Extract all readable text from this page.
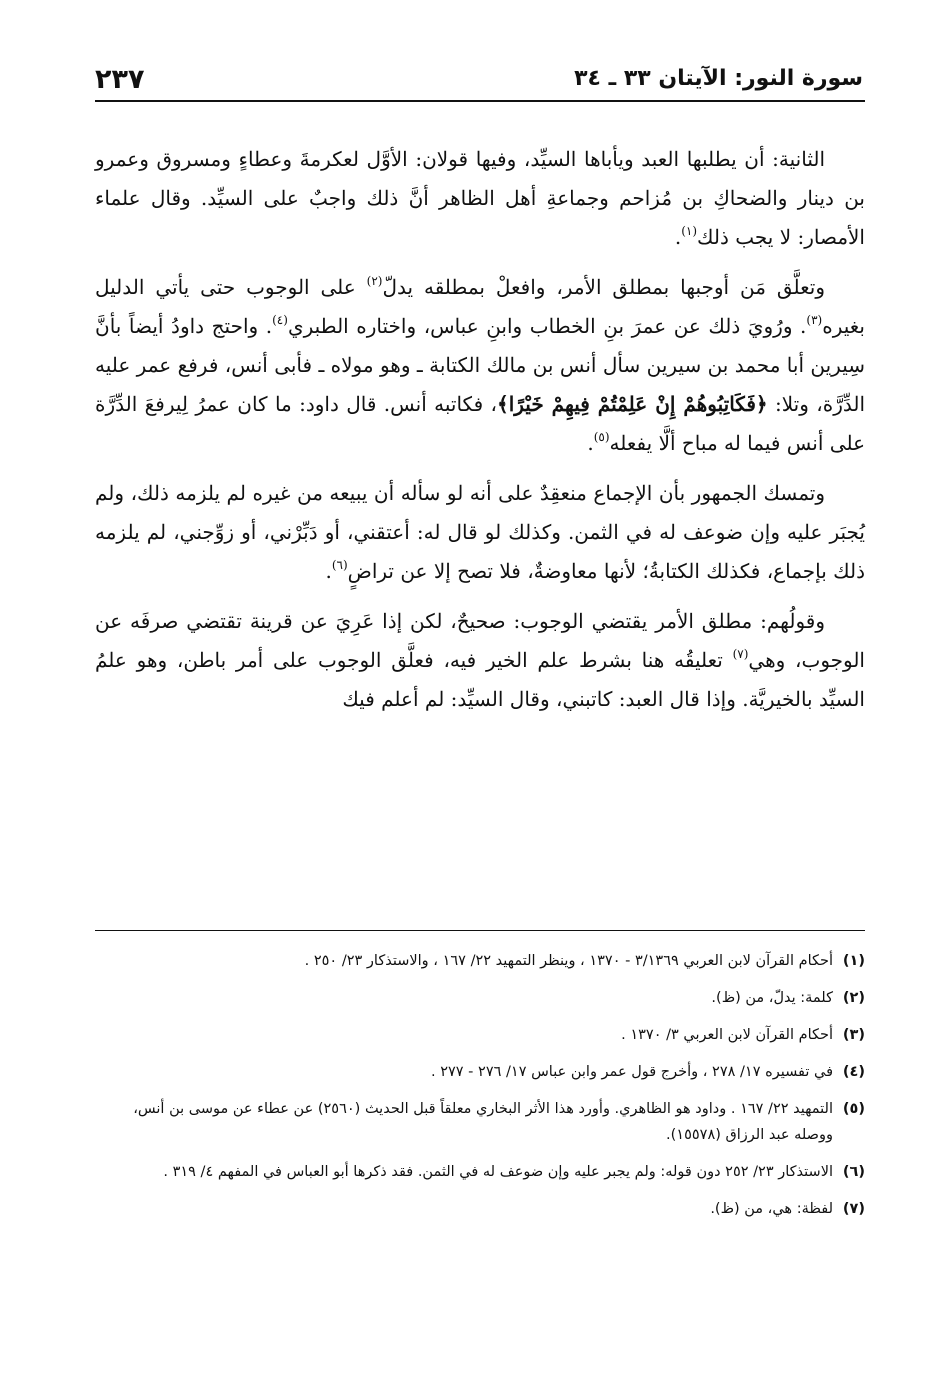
سورة النور: الآيتان ٣٣ ـ ٣٤
٢٣٧

الثانية: أن يطلبها العبد ويأباها السيِّد، وفيها قولان: الأوَّل لعكرمةَ وعطاءٍ ومسروق وعمرو بن دينار والضحاكِ بن مُزاحم وجماعةِ أهل الظاهر أنَّ ذلك واجبٌ على السيِّد. وقال علماء الأمصار: لا يجب ذلك$^{(١)}$.

وتعلَّق مَن أوجبها بمطلق الأمر، وافعلْ بمطلقه يدلّ$^{(٢)}$ على الوجوب حتى يأتي الدليل بغيره$^{(٣)}$. ورُويَ ذلك عن عمرَ بنِ الخطاب وابنِ عباس، واختاره الطبري$^{(٤)}$. واحتج داودُ أيضاً بأنَّ سِيرين أبا محمد بن سيرين سأل أنس بن مالك الكتابة ـ وهو مولاه ـ فأبى أنس، فرفع عمر عليه الدِّرَّة، وتلا: ﴿فَكَاتِبُوهُمْ إِنْ عَلِمْتُمْ فِيهِمْ خَيْرًا﴾، فكاتبه أنس. قال داود: ما كان عمرُ لِيرفعَ الدِّرَّة على أنس فيما له مباح ألَّا يفعله$^{(٥)}$.

وتمسك الجمهور بأن الإجماع منعقِدٌ على أنه لو سأله أن يبيعه من غيره لم يلزمه ذلك، ولم يُجبَر عليه وإن ضوعف له في الثمن. وكذلك لو قال له: أعتقني، أو دَبِّرْني، أو زوِّجني، لم يلزمه ذلك بإجماع، فكذلك الكتابةُ؛ لأنها معاوضةٌ، فلا تصح إلا عن تراضٍ$^{(٦)}$.

وقولُهم: مطلق الأمر يقتضي الوجوب: صحيحٌ، لكن إذا عَرِيَ عن قرينة تقتضي صرفَه عن الوجوب، وهي$^{(٧)}$ تعليقُه هنا بشرط علم الخير فيه، فعلَّق الوجوب على أمر باطن، وهو علمُ السيِّد بالخيريَّة. وإذا قال العبد: كاتبني، وقال السيِّد: لم أعلم فيك

(١)
أحكام القرآن لابن العربي ٣/١٣٦٩ - ١٣٧٠ ، وينظر التمهيد ٢٢/ ١٦٧ ، والاستذكار ٢٣/ ٢٥٠ .
(٢)
كلمة: يدلّ، من (ظ).
(٣)
أحكام القرآن لابن العربي ٣/ ١٣٧٠ .
(٤)
في تفسيره ١٧/ ٢٧٨ ، وأخرج قول عمر وابن عباس ١٧/ ٢٧٦ - ٢٧٧ .
(٥)
التمهيد ٢٢/ ١٦٧ . وداود هو الظاهري. وأورد هذا الأثر البخاري معلقاً قبل الحديث (٢٥٦٠) عن عطاء عن موسى بن أنس، ووصله عبد الرزاق (١٥٥٧٨).
(٦)
الاستذكار ٢٣/ ٢٥٢ دون قوله: ولم يجبر عليه وإن ضوعف له في الثمن. فقد ذكرها أبو العباس في المفهم ٤/ ٣١٩ .
(٧)
لفظة: هي، من (ظ).
